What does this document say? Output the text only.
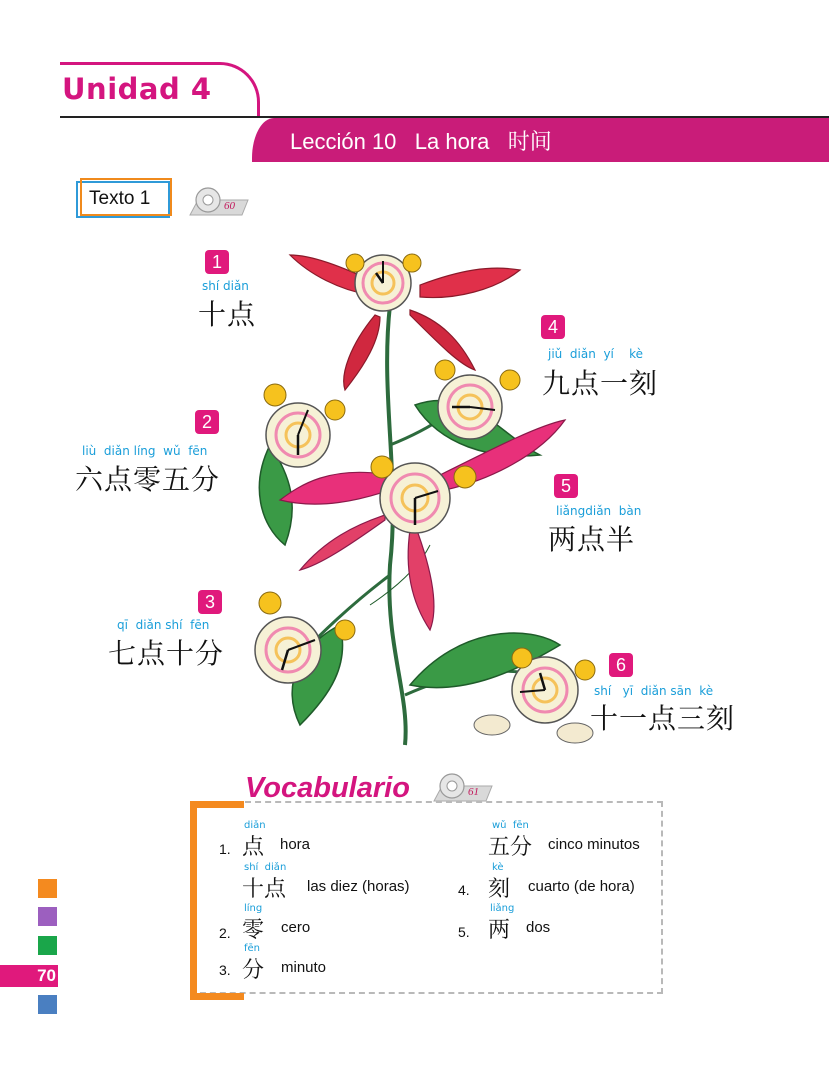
Unidad 4
Lección 10   La hora   时间
Texto 1	60
1
shí diǎn
十点
2
liù  diǎn líng  wǔ  fēn
六点零五分
3
qī  diǎn shí  fēn
七点十分
4
jiǔ  diǎn  yí    kè
九点一刻
5
liǎngdiǎn  bàn
两点半
6
shí   yī  diǎn sān  kè
十一点三刻
Vocabulario	61
1.
diǎn
点 hora
shí  diǎn
十点 las diez (horas)
2.
líng
零 cero
3.
fēn
分 minuto
wǔ  fēn
五分 cinco minutos
4.
kè
刻 cuarto (de hora)
5.
liǎng
两 dos
70
